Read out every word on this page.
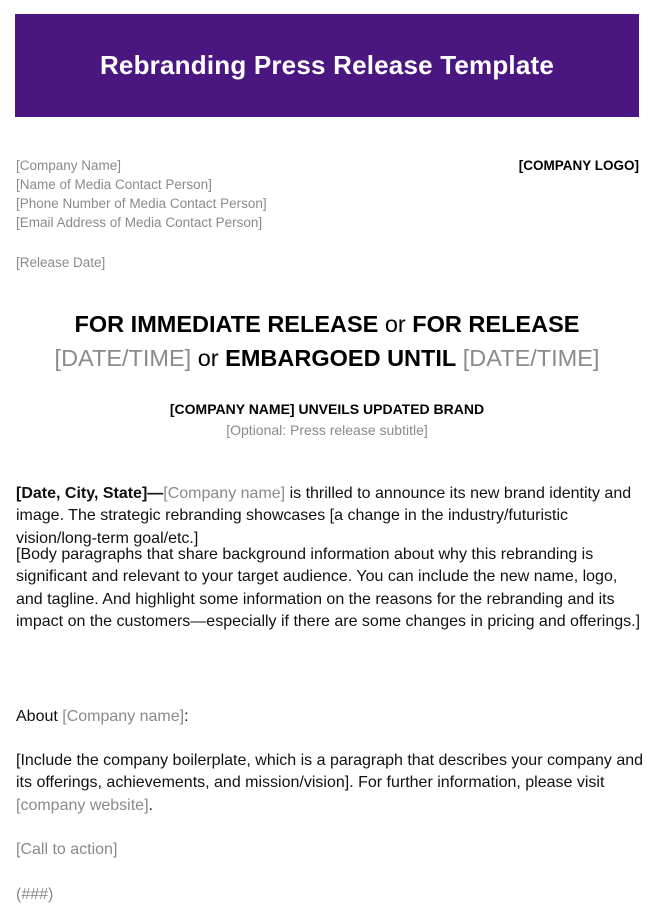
Rebranding Press Release Template
[Company Name]
[Name of Media Contact Person]
[Phone Number of Media Contact Person]
[Email Address of Media Contact Person]
[COMPANY LOGO]
[Release Date]
FOR IMMEDIATE RELEASE or FOR RELEASE
[DATE/TIME] or EMBARGOED UNTIL [DATE/TIME]
[COMPANY NAME] UNVEILS UPDATED BRAND
[Optional: Press release subtitle]

[Date, City, State]—[Company name] is thrilled to announce its new brand identity and image. The strategic rebranding showcases [a change in the industry/futuristic vision/long-term goal/etc.]

[Body paragraphs that share background information about why this rebranding is significant and relevant to your target audience. You can include the new name, logo, and tagline. And highlight some information on the reasons for the rebranding and its impact on the customers—especially if there are some changes in pricing and offerings.]

About [Company name]:

[Include the company boilerplate, which is a paragraph that describes your company and its offerings, achievements, and mission/vision]. For further information, please visit [company website].

[Call to action]

(###)
